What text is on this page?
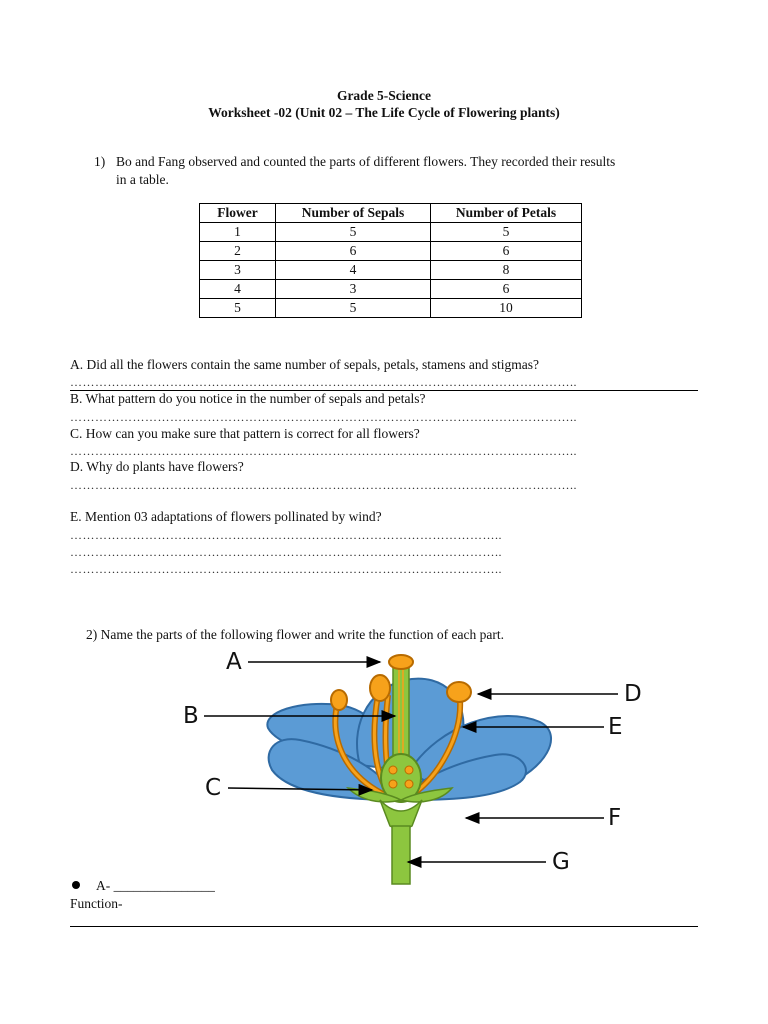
Grade 5-Science
Worksheet -02 (Unit 02 – The Life Cycle of Flowering plants)
1) Bo and Fang observed and counted the parts of different flowers. They recorded their results
in a table.
Flower	Number of Sepals	Number of Petals
1	5	5
2	6	6
3	4	8
4	3	6
5	5	10
A. Did all the flowers contain the same number of sepals, petals, stamens and stigmas?
…………………………………………………………………………………………………………..
B. What pattern do you notice in the number of sepals and petals?
…………………………………………………………………………………………………………..
C. How can you make sure that pattern is correct for all flowers?
…………………………………………………………………………………………………………..
D. Why do plants have flowers?
…………………………………………………………………………………………………………..
E. Mention 03 adaptations of flowers pollinated by wind?
…………………………………………………………………………………………..
…………………………………………………………………………………………..
…………………………………………………………………………………………..
2) Name the parts of the following flower and write the function of each part.
A
B
C
D
E
F
G
A- _______________
Function-
